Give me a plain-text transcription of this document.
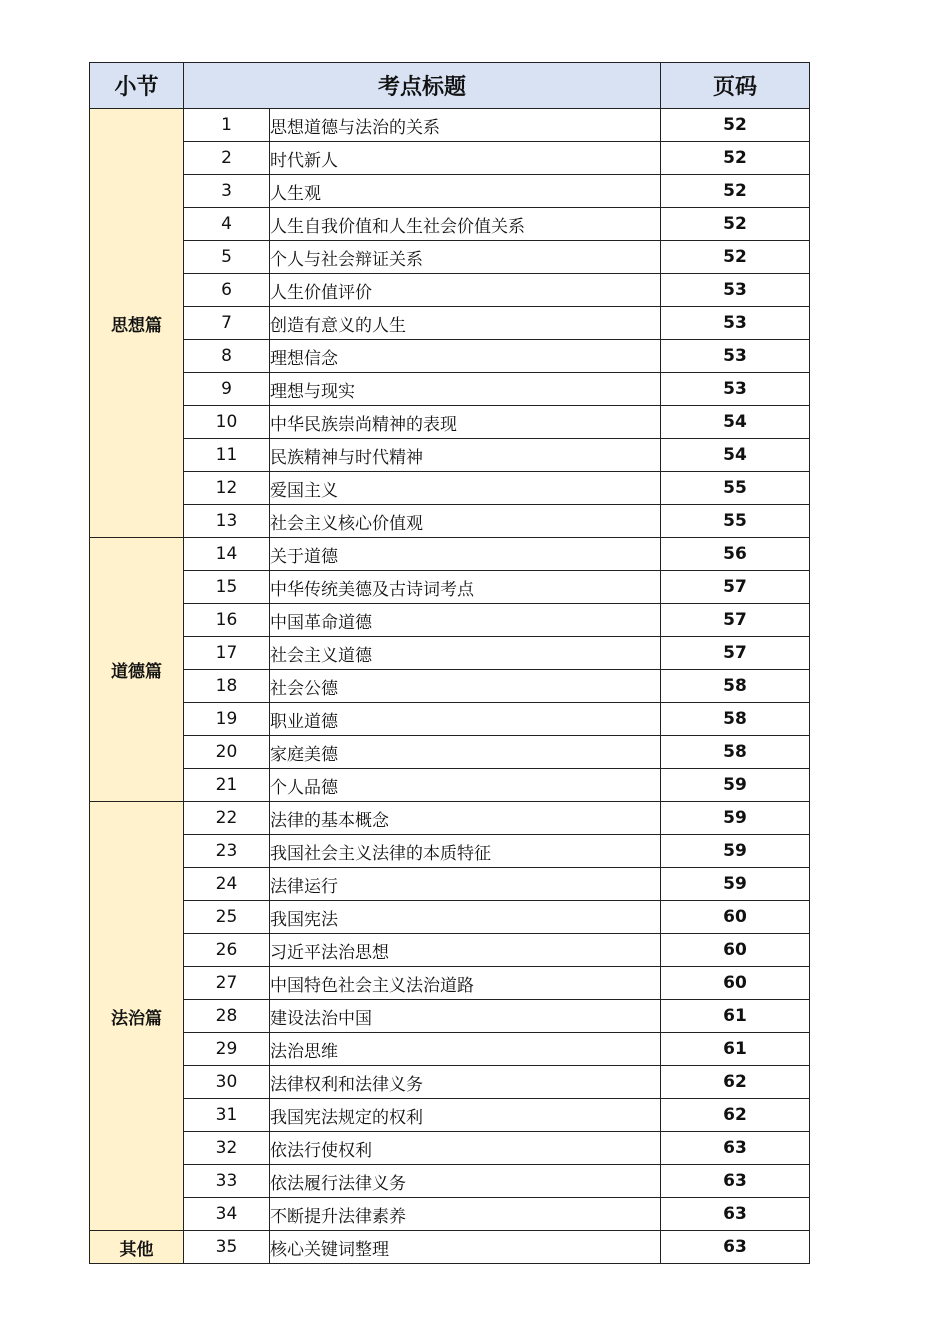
小节	考点标题		页码
思想篇	1	思想道德与法治的关系	52
	2	时代新人	52
	3	人生观	52
	4	人生自我价值和人生社会价值关系	52
	5	个人与社会辩证关系	52
	6	人生价值评价	53
	7	创造有意义的人生	53
	8	理想信念	53
	9	理想与现实	53
	10	中华民族崇尚精神的表现	54
	11	民族精神与时代精神	54
	12	爱国主义	55
	13	社会主义核心价值观	55
道德篇	14	关于道德	56
	15	中华传统美德及古诗词考点	57
	16	中国革命道德	57
	17	社会主义道德	57
	18	社会公德	58
	19	职业道德	58
	20	家庭美德	58
	21	个人品德	59
法治篇	22	法律的基本概念	59
	23	我国社会主义法律的本质特征	59
	24	法律运行	59
	25	我国宪法	60
	26	习近平法治思想	60
	27	中国特色社会主义法治道路	60
	28	建设法治中国	61
	29	法治思维	61
	30	法律权利和法律义务	62
	31	我国宪法规定的权利	62
	32	依法行使权利	63
	33	依法履行法律义务	63
	34	不断提升法律素养	63
其他	35	核心关键词整理	63
